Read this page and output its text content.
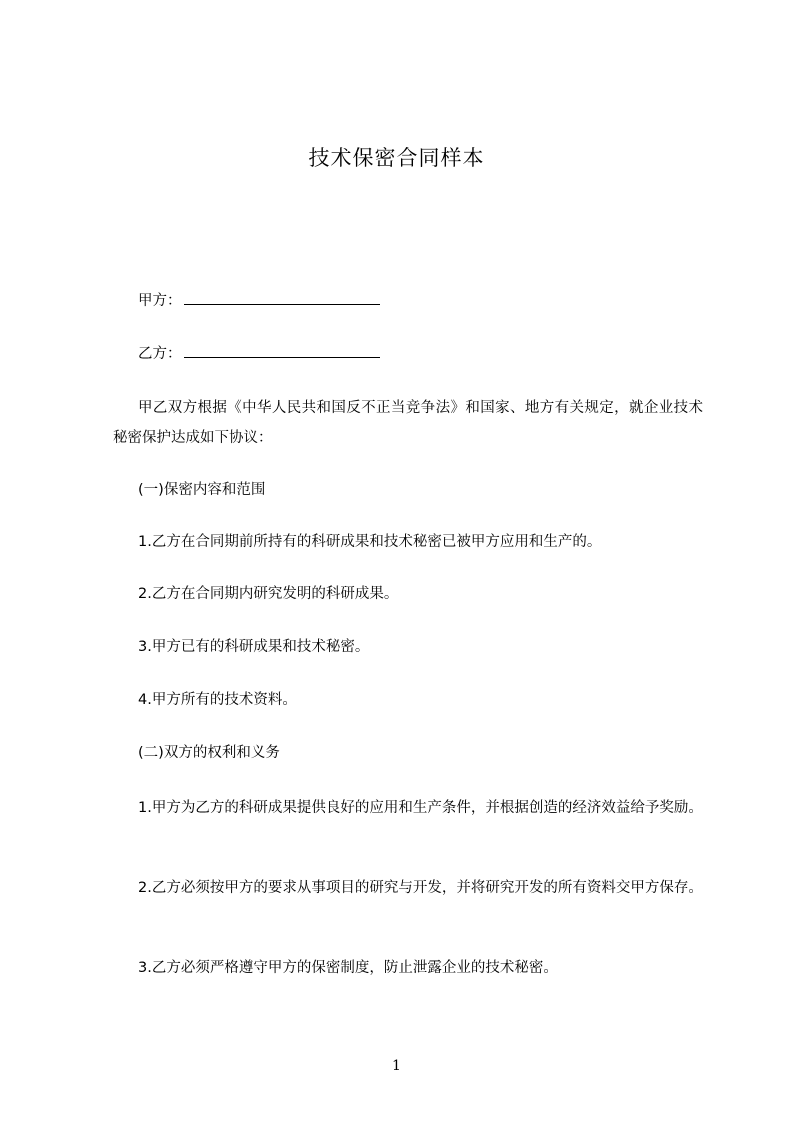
技术保密合同样本
甲方：
乙方：
甲乙双方根据《中华人民共和国反不正当竞争法》和国家、地方有关规定，就企业技术秘密保护达成如下协议：
(一)保密内容和范围
1.乙方在合同期前所持有的科研成果和技术秘密已被甲方应用和生产的。
2.乙方在合同期内研究发明的科研成果。
3.甲方已有的科研成果和技术秘密。
4.甲方所有的技术资料。
(二)双方的权利和义务
1.甲方为乙方的科研成果提供良好的应用和生产条件，并根据创造的经济效益给予奖励。
2.乙方必须按甲方的要求从事项目的研究与开发，并将研究开发的所有资料交甲方保存。
3.乙方必须严格遵守甲方的保密制度，防止泄露企业的技术秘密。
1
